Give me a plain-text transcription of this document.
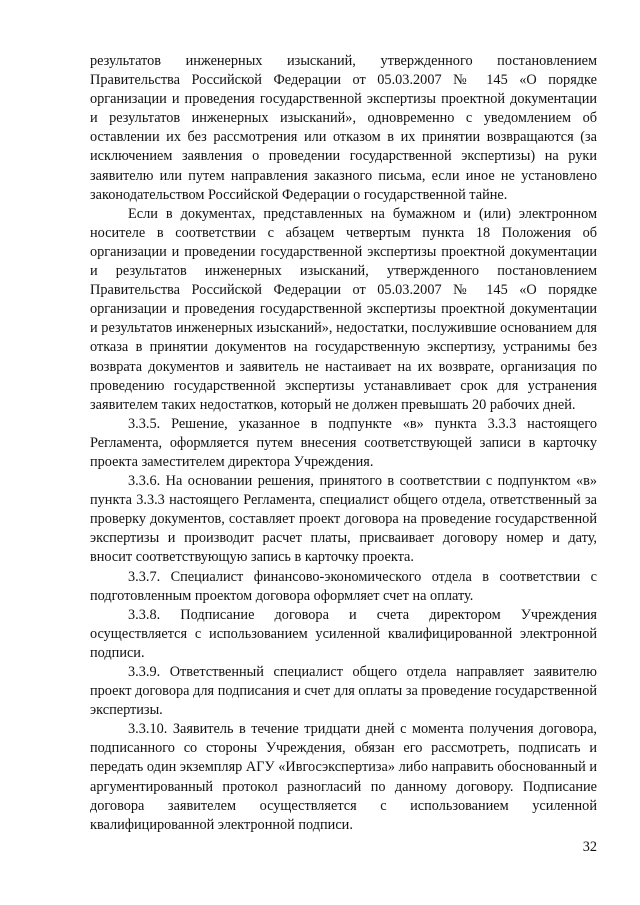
результатов инженерных изысканий, утвержденного постановлением Правительства Российской Федерации от 05.03.2007 № 145 «О порядке организации и проведения государственной экспертизы проектной документации и результатов инженерных изысканий», одновременно с уведомлением об оставлении их без рассмотрения или отказом в их принятии возвращаются (за исключением заявления о проведении государственной экспертизы) на руки заявителю или путем направления заказного письма, если иное не установлено законодательством Российской Федерации о государственной тайне.

Если в документах, представленных на бумажном и (или) электронном носителе в соответствии с абзацем четвертым пункта 18 Положения об организации и проведении государственной экспертизы проектной документации и результатов инженерных изысканий, утвержденного постановлением Правительства Российской Федерации от 05.03.2007 № 145 «О порядке организации и проведения государственной экспертизы проектной документации и результатов инженерных изысканий», недостатки, послужившие основанием для отказа в принятии документов на государственную экспертизу, устранимы без возврата документов и заявитель не настаивает на их возврате, организация по проведению государственной экспертизы устанавливает срок для устранения заявителем таких недостатков, который не должен превышать 20 рабочих дней.

3.3.5. Решение, указанное в подпункте «в» пункта 3.3.3 настоящего Регламента, оформляется путем внесения соответствующей записи в карточку проекта заместителем директора Учреждения.

3.3.6. На основании решения, принятого в соответствии с подпунктом «в» пункта 3.3.3 настоящего Регламента, специалист общего отдела, ответственный за проверку документов, составляет проект договора на проведение государственной экспертизы и производит расчет платы, присваивает договору номер и дату, вносит соответствующую запись в карточку проекта.

3.3.7. Специалист финансово-экономического отдела в соответствии с подготовленным проектом договора оформляет счет на оплату.

3.3.8. Подписание договора и счета директором Учреждения осуществляется с использованием усиленной квалифицированной электронной подписи.

3.3.9. Ответственный специалист общего отдела направляет заявителю проект договора для подписания и счет для оплаты за проведение государственной экспертизы.

3.3.10. Заявитель в течение тридцати дней с момента получения договора, подписанного со стороны Учреждения, обязан его рассмотреть, подписать и передать один экземпляр АГУ «Ивгосэкспертиза» либо направить обоснованный и аргументированный протокол разногласий по данному договору. Подписание договора заявителем осуществляется с использованием усиленной квалифицированной электронной подписи.

32
